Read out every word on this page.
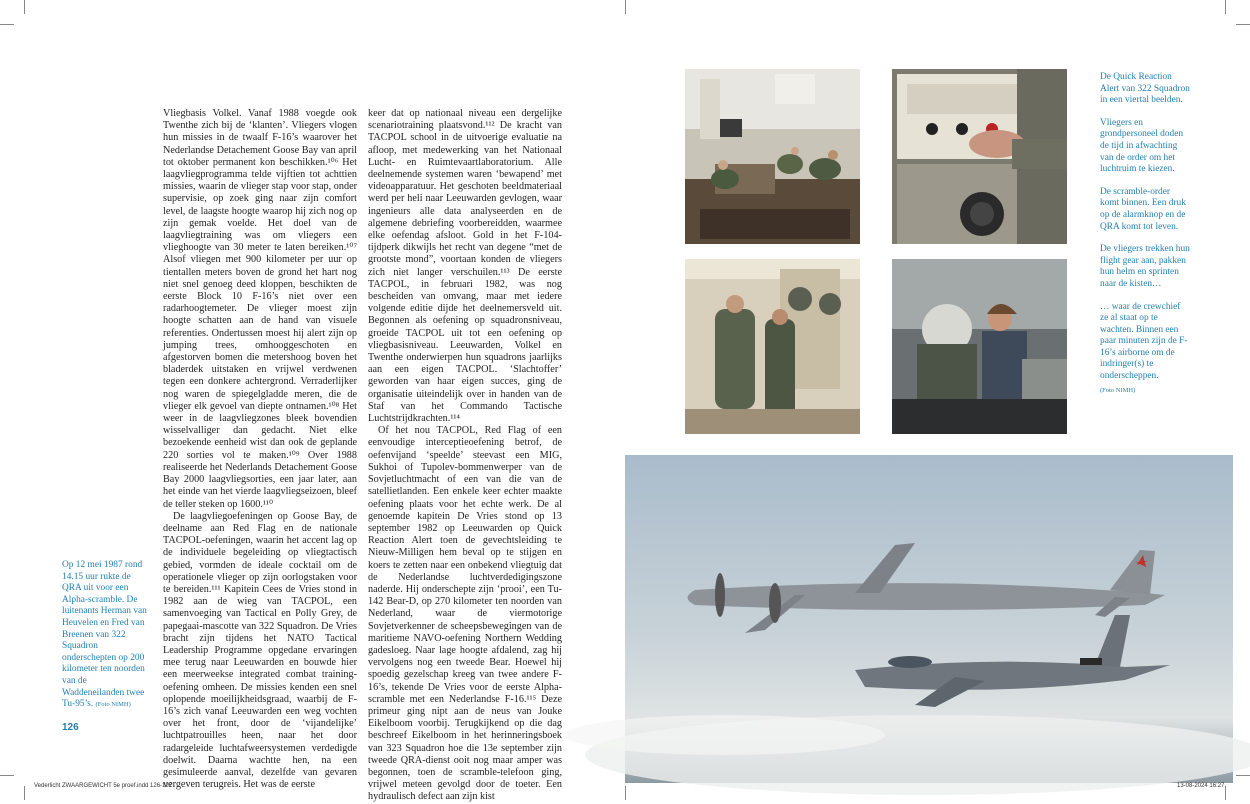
Vliegbasis Volkel. Vanaf 1988 voegde ook Twenthe zich bij de ‘klanten’. Vliegers vlogen hun missies in de twaalf F-16’s waarover het Nederlandse Detachement Goose Bay van april tot oktober permanent kon beschikken.¹⁰⁶ Het laagvliegprogramma telde vijftien tot achttien missies, waarin de vlieger stap voor stap, onder supervisie, op zoek ging naar zijn comfort level, de laagste hoogte waarop hij zich nog op zijn gemak voelde. Het doel van de laagvliegtraining was om vliegers een vlieghoogte van 30 meter te laten bereiken.¹⁰⁷ Alsof vliegen met 900 kilometer per uur op tientallen meters boven de grond het hart nog niet snel genoeg deed kloppen, beschikten de eerste Block 10 F-16’s niet over een radarhoogtemeter. De vlieger moest zijn hoogte schatten aan de hand van visuele referenties. Ondertussen moest hij alert zijn op jumping trees, omhooggeschoten en afgestorven bomen die metershoog boven het bladerdek uitstaken en vrijwel verdwenen tegen een donkere achtergrond. Verraderlijker nog waren de spiegelgladde meren, die de vlieger elk gevoel van diepte ontnamen.¹⁰⁸ Het weer in de laagvliegzones bleek bovendien wisselvalliger dan gedacht. Niet elke bezoekende eenheid wist dan ook de geplande 220 sorties vol te maken.¹⁰⁹ Over 1988 realiseerde het Nederlands Detachement Goose Bay 2000 laagvliegsorties, een jaar later, aan het einde van het vierde laagvliegseizoen, bleef de teller steken op 1600.¹¹⁰

De laagvliegoefeningen op Goose Bay, de deelname aan Red Flag en de nationale TACPOL-oefeningen, waarin het accent lag op de individuele begeleiding op vliegtactisch gebied, vormden de ideale cocktail om de operationele vlieger op zijn oorlogstaken voor te bereiden.¹¹¹ Kapitein Cees de Vries stond in 1982 aan de wieg van TACPOL, een samenvoeging van Tactical en Polly Grey, de papegaai-mascotte van 322 Squadron. De Vries bracht zijn tijdens het NATO Tactical Leadership Programme opgedane ervaringen mee terug naar Leeuwarden en bouwde hier een meerweekse integrated combat training-oefening omheen. De missies kenden een snel oplopende moeilijkheidsgraad, waarbij de F-16’s zich vanaf Leeuwarden een weg vochten over het front, door de ‘vijandelijke’ luchtpatrouilles heen, naar het door radargeleide luchtafweersystemen verdedigde doelwit. Daarna wachtte hen, na een gesimuleerde aanval, dezelfde van gevaren vergeven terugreis. Het was de eerste

keer dat op nationaal niveau een dergelijke scenariotraining plaatsvond.¹¹² De kracht van TACPOL school in de uitvoerige evaluatie na afloop, met medewerking van het Nationaal Lucht- en Ruimtevaartlaboratorium. Alle deelnemende systemen waren ‘bewapend’ met videoapparatuur. Het geschoten beeldmateriaal werd per heli naar Leeuwarden gevlogen, waar ingenieurs alle data analyseerden en de algemene debriefing voorbereidden, waarmee elke oefendag afsloot. Gold in het F-104-tijdperk dikwijls het recht van degene “met de grootste mond”, voortaan konden de vliegers zich niet langer verschuilen.¹¹³ De eerste TACPOL, in februari 1982, was nog bescheiden van omvang, maar met iedere volgende editie dijde het deelnemersveld uit. Begonnen als oefening op squadronsniveau, groeide TACPOL uit tot een oefening op vliegbasisniveau. Leeuwarden, Volkel en Twenthe onderwierpen hun squadrons jaarlijks aan een eigen TACPOL. ‘Slachtoffer’ geworden van haar eigen succes, ging de organisatie uiteindelijk over in handen van de Staf van het Commando Tactische Luchtstrijdkrachten.¹¹⁴

Of het nou TACPOL, Red Flag of een eenvoudige interceptieoefening betrof, de oefenvijand ‘speelde’ steevast een MIG, Sukhoi of Tupolev-bommenwerper van de Sovjetluchtmacht of een van die van de satellietlanden. Een enkele keer echter maakte oefening plaats voor het echte werk. De al genoemde kapitein De Vries stond op 13 september 1982 op Leeuwarden op Quick Reaction Alert toen de gevechtsleiding te Nieuw-Milligen hem beval op te stijgen en koers te zetten naar een onbekend vliegtuig dat de Nederlandse luchtverdedigingszone naderde. Hij onderschepte zijn ‘prooi’, een Tu-142 Bear-D, op 270 kilometer ten noorden van Nederland, waar de viermotorige Sovjetverkenner de scheepsbewegingen van de maritieme NAVO-oefening Northern Wedding gadesloeg. Naar lage hoogte afdalend, zag hij vervolgens nog een tweede Bear. Hoewel hij spoedig gezelschap kreeg van twee andere F-16’s, tekende De Vries voor de eerste Alpha-scramble met een Nederlandse F-16.¹¹⁵ Deze primeur ging nipt aan de neus van Jouke Eikelboom voorbij. Terugkijkend op die dag beschreef Eikelboom in het herinneringsboek van 323 Squadron hoe die 13e september zijn tweede QRA-dienst ooit nog maar amper was begonnen, toen de scramble-telefoon ging, vrijwel meteen gevolgd door de toeter. Een hydraulisch defect aan zijn kist

Op 12 mei 1987 rond 14.15 uur rukte de QRA uit voor een Alpha-scramble. De luitenants Herman van Heuvelen en Fred van Breenen van 322 Squadron onderschepten op 200 kilometer ten noorden van de Waddeneilanden twee Tu-95’s. (Foto NIMH)
126

De Quick Reaction Alert van 322 Squadron in een viertal beelden.

Vliegers en grondpersoneel doden de tijd in afwachting van de order om het luchtruim te kiezen.

De scramble-order komt binnen. Een druk op de alarmknop en de QRA komt tot leven.

De vliegers trekken hun flight gear aan, pakken hun helm en sprinten naar de kisten…

… waar de crewchief ze al staat op te wachten. Binnen een paar minuten zijn de F-16’s airborne om de indringer(s) te onderscheppen.

(Foto NIMH)
Vederlicht ZWAARGEWICHT 5e proef.indd 126-127	13-08-2024 16:27
